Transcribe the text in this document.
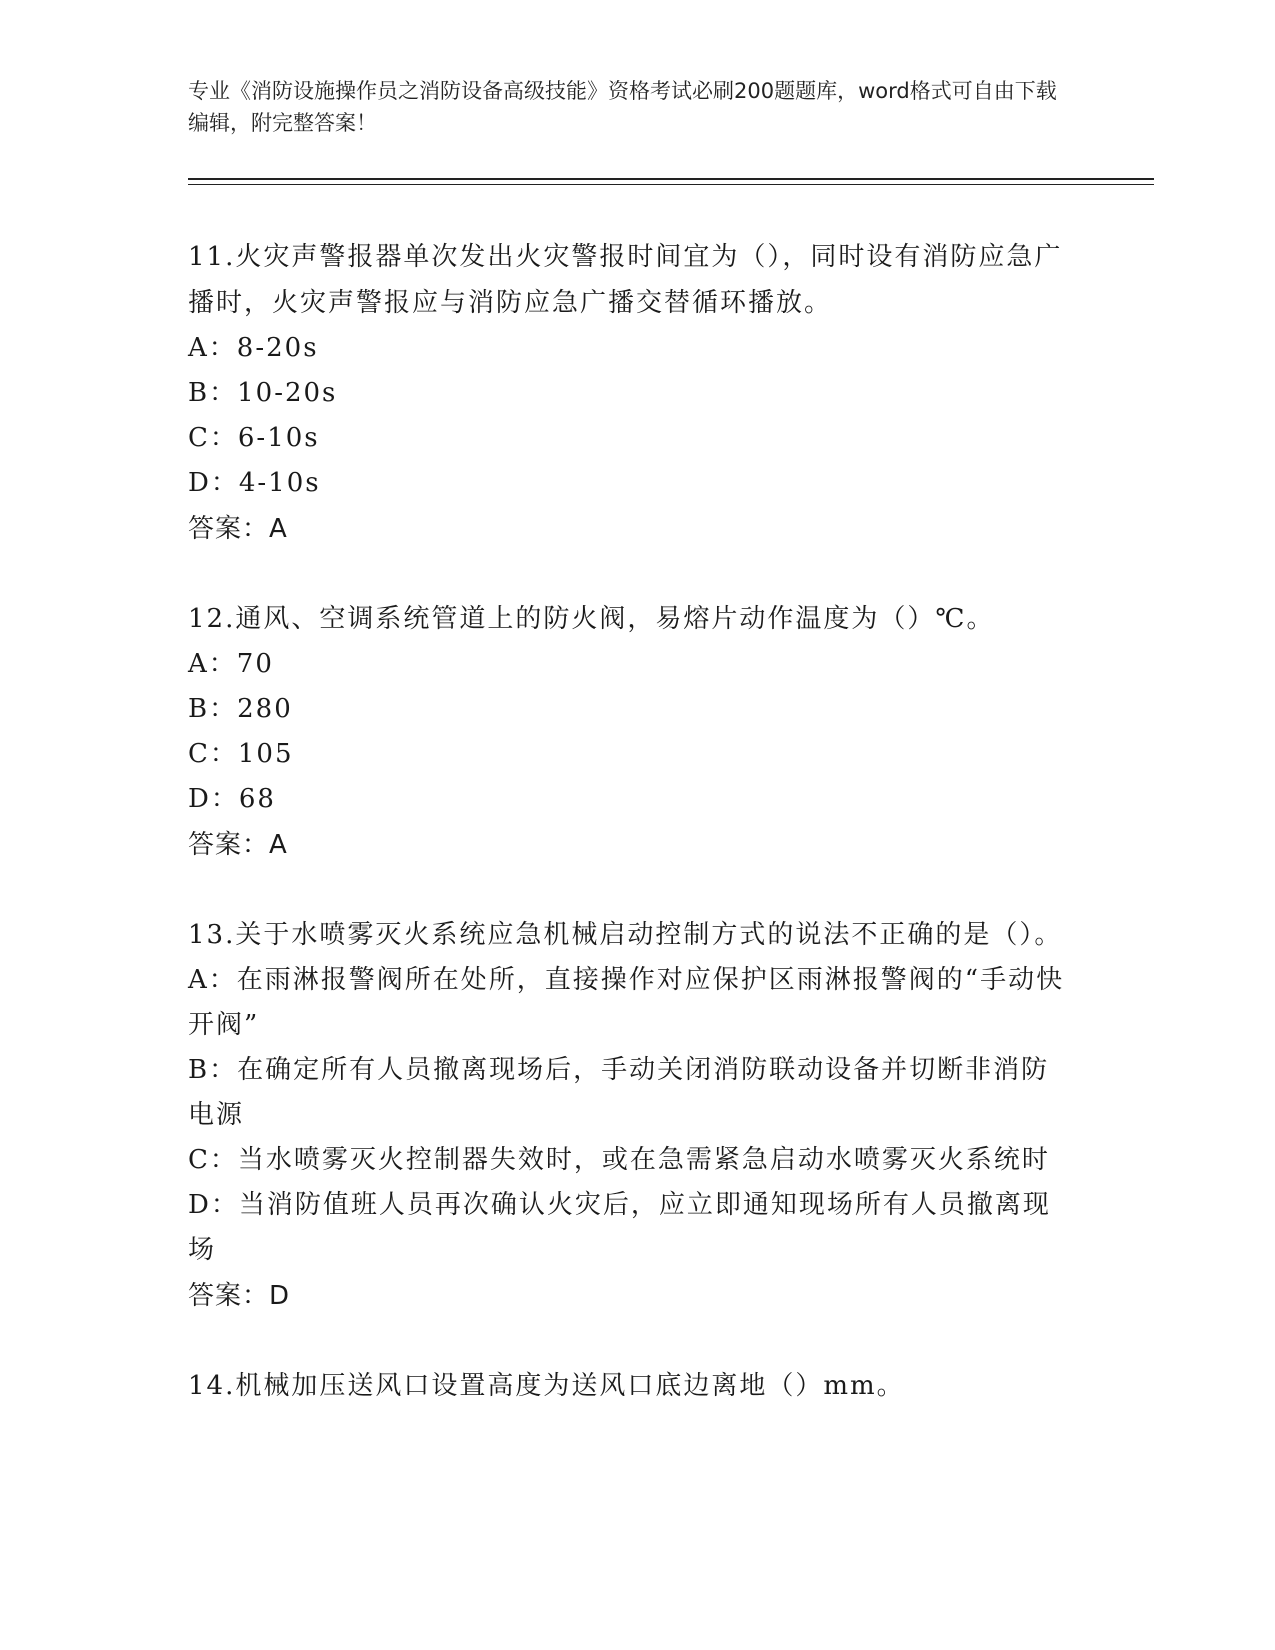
专业《消防设施操作员之消防设备高级技能》资格考试必刷200题题库，word格式可自由下载编辑，附完整答案！
11.火灾声警报器单次发出火灾警报时间宜为（），同时设有消防应急广播时，火灾声警报应与消防应急广播交替循环播放。
A：8-20s
B：10-20s
C：6-10s
D：4-10s
答案：A
12.通风、空调系统管道上的防火阀，易熔片动作温度为（）℃。
A：70
B：280
C：105
D：68
答案：A
13.关于水喷雾灭火系统应急机械启动控制方式的说法不正确的是（）。
A：在雨淋报警阀所在处所，直接操作对应保护区雨淋报警阀的“手动快开阀”
B：在确定所有人员撤离现场后，手动关闭消防联动设备并切断非消防电源
C：当水喷雾灭火控制器失效时，或在急需紧急启动水喷雾灭火系统时
D：当消防值班人员再次确认火灾后，应立即通知现场所有人员撤离现场
答案：D
14.机械加压送风口设置高度为送风口底边离地（）mm。
